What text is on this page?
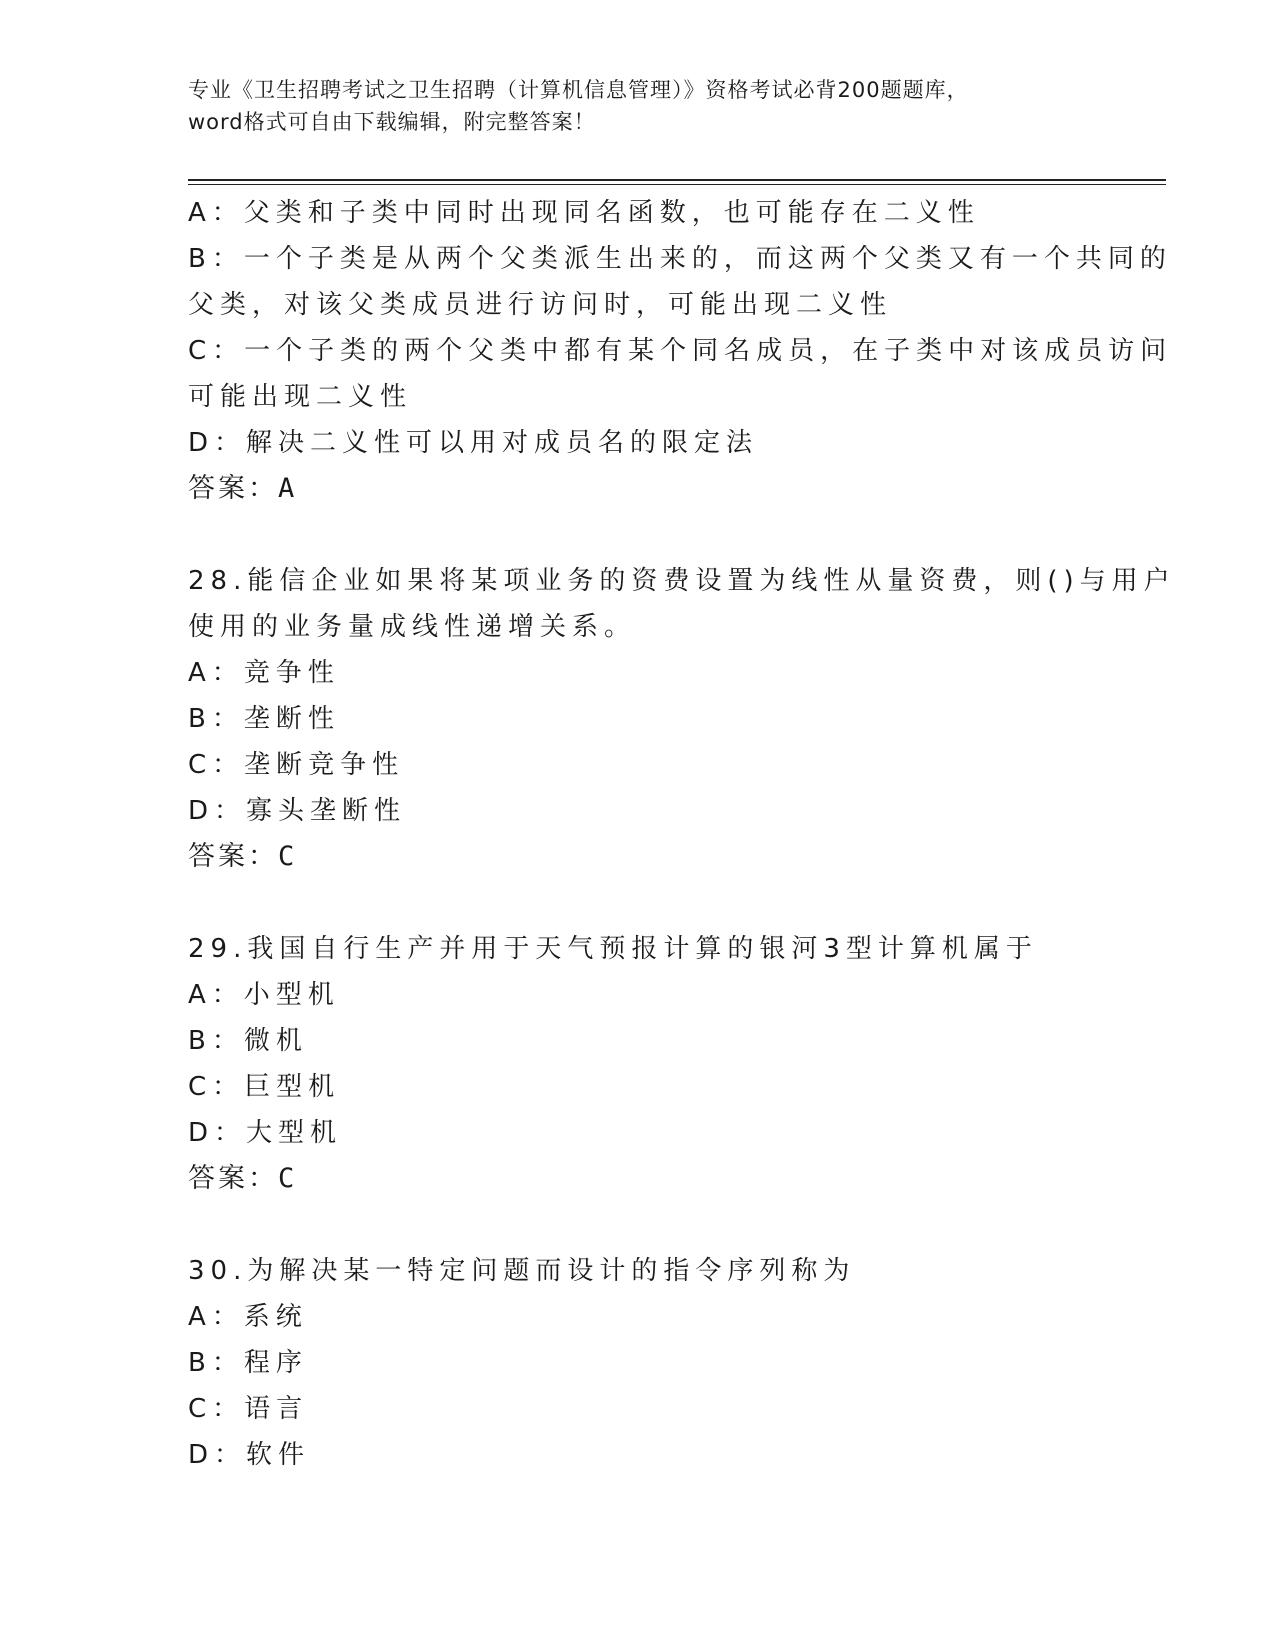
专业《卫生招聘考试之卫生招聘（计算机信息管理）》资格考试必背200题题库，
word格式可自由下载编辑，附完整答案！
A：父类和子类中同时出现同名函数，也可能存在二义性
B：一个子类是从两个父类派生出来的，而这两个父类又有一个共同的
父类，对该父类成员进行访问时，可能出现二义性
C：一个子类的两个父类中都有某个同名成员，在子类中对该成员访问
可能出现二义性
D：解决二义性可以用对成员名的限定法
答案：A
28.能信企业如果将某项业务的资费设置为线性从量资费，则()与用户
使用的业务量成线性递增关系。
A：竞争性
B：垄断性
C：垄断竞争性
D：寡头垄断性
答案：C
29.我国自行生产并用于天气预报计算的银河3型计算机属于
A：小型机
B：微机
C：巨型机
D：大型机
答案：C
30.为解决某一特定问题而设计的指令序列称为
A：系统
B：程序
C：语言
D：软件
